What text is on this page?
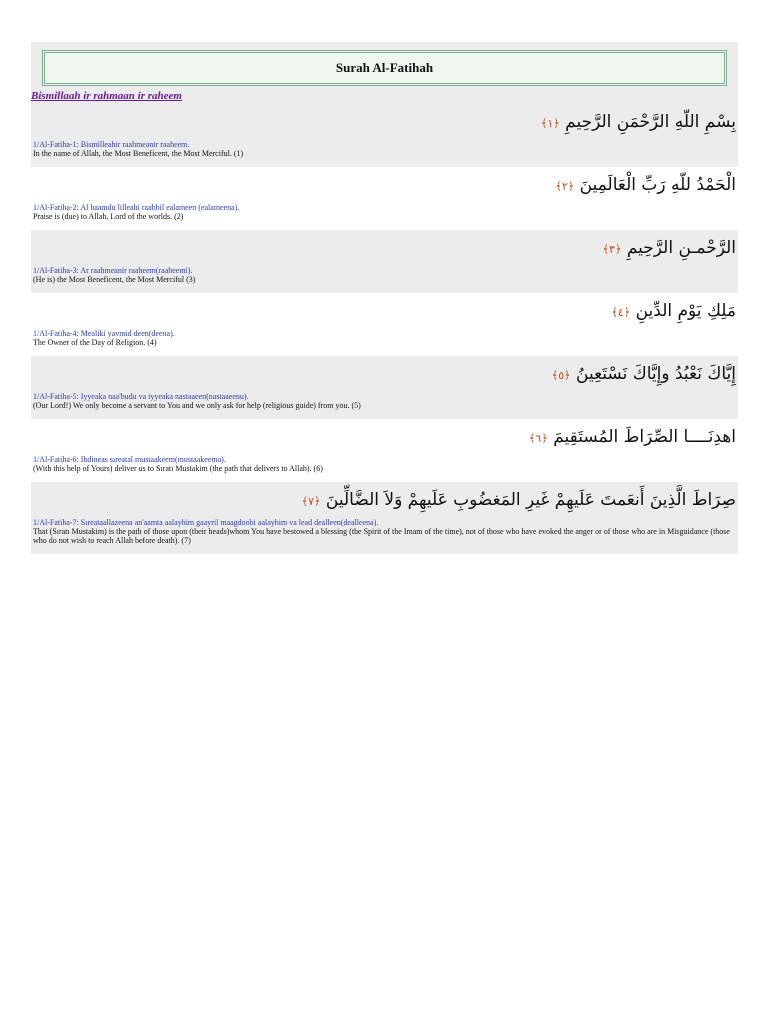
Surah Al-Fatihah
Bismillaah ir rahmaan ir raheem
بِسْمِ اللّهِ الرَّحْمَنِ الرَّحِيمِ ﴿١﴾
1/Al-Fatiha-1: Bismilleahir raahmeanir raaheem.
In the name of Allah, the Most Beneficent, the Most Merciful. (1)
الْحَمْدُ للّهِ رَبِّ الْعَالَمِينَ ﴿٢﴾
1/Al-Fatiha-2: Al haamdu lilleahi raabbil ealameen (ealameena).
Praise is (due) to Allah, Lord of the worlds. (2)
الرَّحْمـنِ الرَّحِيمِ ﴿٣﴾
1/Al-Fatiha-3: Ar raahmeanir raaheem(raaheemi).
(He is) the Most Beneficent, the Most Merciful (3)
مَلِكِ يَوْمِ الدِّينِ ﴿٤﴾
1/Al-Fatiha-4: Mealiki yavmid deen(deena).
The Owner of the Day of Religion. (4)
إِيَّاكَ نَعْبُدُ وإِيَّاكَ نَسْتَعِينُ ﴿٥﴾
1/Al-Fatiha-5: Iyyeaka naa'budu va iyyeaka nastaaeen(nastaaeenu).
(Our Lord!) We only become a servant to You and we only ask for help (religious guide) from you. (5)
اهدِنَــــا الصِّرَاطَ المُستَقِيمَ ﴿٦﴾
1/Al-Fatiha-6: Ihdineas sıreatal mustaakeem(mustaakeema).
(With this help of Yours) deliver us to Sıratı Mustakim (the path that delivers to Allah). (6)
صِرَاطَ الَّذِينَ أَنعَمتَ عَلَيهِمْ غَيرِ المَغضُوبِ عَلَيهِمْ وَلاَ الضَّالِّينَ ﴿٧﴾
1/Al-Fatiha-7: Sıreataallazeena an'aamta aalayhim gaayril maagdoobi aalayhim va lead dealleen(dealleena).
That (Sıratı Mustakim) is the path of those upon (their heads)whom You have bestowed a blessing (the Spirit of the Imam of the time), not of those who have evoked the anger or of those who are in Misguidance (those who do not wish to reach Allah before death). (7)
